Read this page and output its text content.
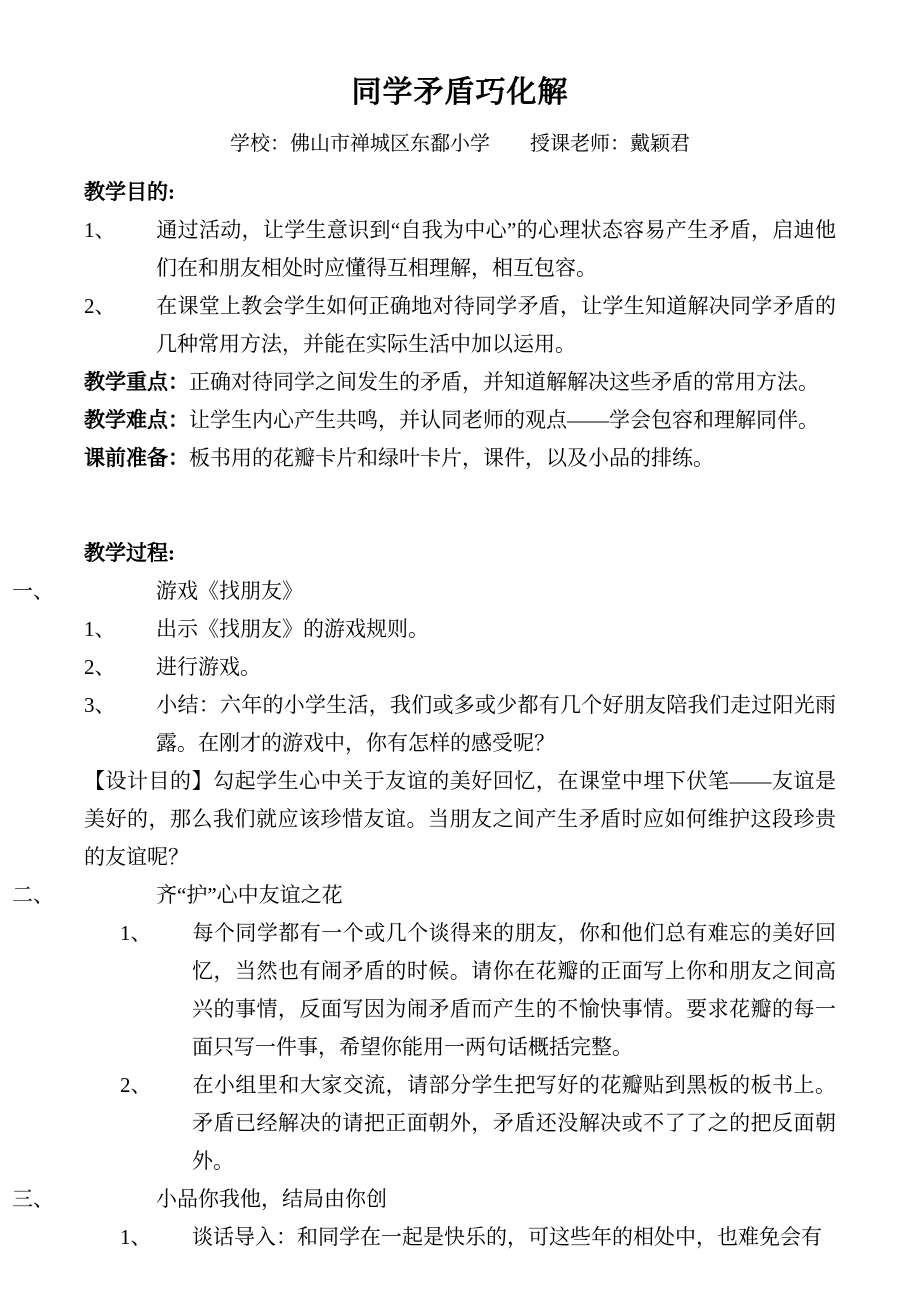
同学矛盾巧化解
学校：佛山市禅城区东鄱小学        授课老师：戴颖君
教学目的:
1、 通过活动，让学生意识到“自我为中心”的心理状态容易产生矛盾，启迪他们在和朋友相处时应懂得互相理解，相互包容。
2、 在课堂上教会学生如何正确地对待同学矛盾，让学生知道解决同学矛盾的几种常用方法，并能在实际生活中加以运用。
教学重点：正确对待同学之间发生的矛盾，并知道解解决这些矛盾的常用方法。
教学难点：让学生内心产生共鸣，并认同老师的观点——学会包容和理解同伴。
课前准备：板书用的花瓣卡片和绿叶卡片，课件，以及小品的排练。
教学过程:
一、	游戏《找朋友》
1、 出示《找朋友》的游戏规则。
2、 进行游戏。
3、 小结：六年的小学生活，我们或多或少都有几个好朋友陪我们走过阳光雨露。在刚才的游戏中，你有怎样的感受呢？
【设计目的】勾起学生心中关于友谊的美好回忆，在课堂中埋下伏笔——友谊是美好的，那么我们就应该珍惜友谊。当朋友之间产生矛盾时应如何维护这段珍贵的友谊呢？
二、	齐“护”心中友谊之花
1、 每个同学都有一个或几个谈得来的朋友，你和他们总有难忘的美好回忆，当然也有闹矛盾的时候。请你在花瓣的正面写上你和朋友之间高兴的事情，反面写因为闹矛盾而产生的不愉快事情。要求花瓣的每一面只写一件事，希望你能用一两句话概括完整。
2、 在小组里和大家交流，请部分学生把写好的花瓣贴到黑板的板书上。矛盾已经解决的请把正面朝外，矛盾还没解决或不了了之的把反面朝外。
三、	小品你我他，结局由你创
1、 谈话导入：和同学在一起是快乐的，可这些年的相处中，也难免会有
